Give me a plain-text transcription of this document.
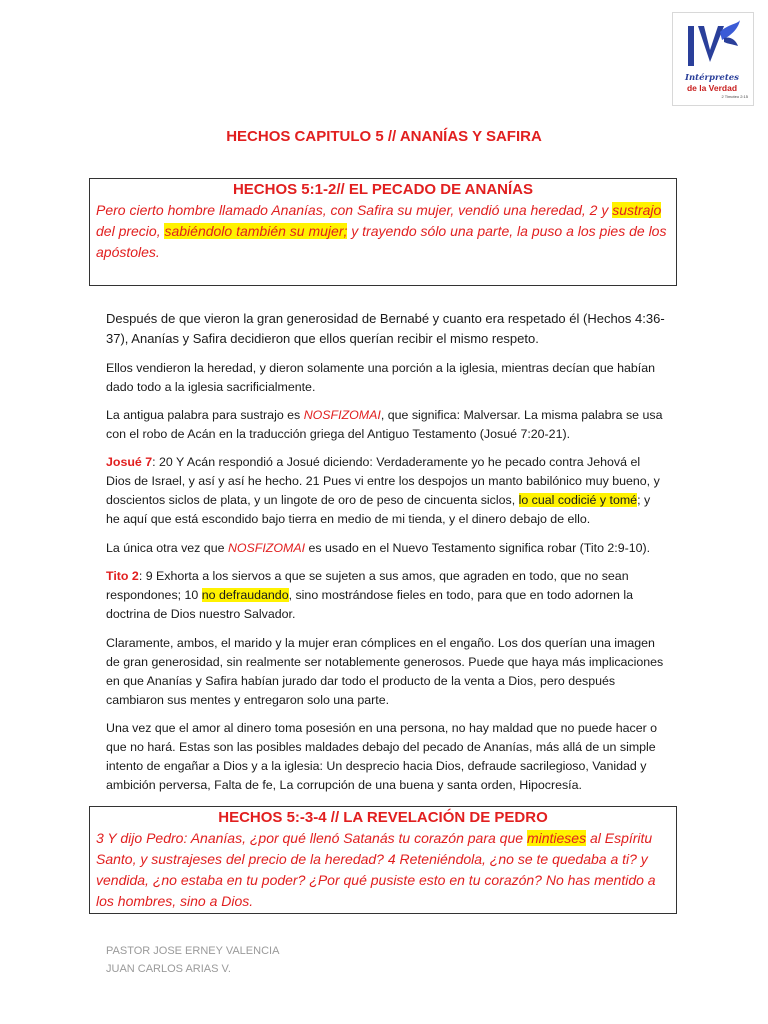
Intérpretes
de la Verdad
2 Timoteo 2:15
HECHOS CAPITULO 5 // ANANÍAS Y SAFIRA
HECHOS 5:1-2// EL PECADO DE ANANÍAS
Pero cierto hombre llamado Ananías, con Safira su mujer, vendió una heredad, 2 y sustrajo del precio, sabiéndolo también su mujer; y trayendo sólo una parte, la puso a los pies de los apóstoles.

Después de que vieron la gran generosidad de Bernabé y cuanto era respetado él (Hechos 4:36-37), Ananías y Safira decidieron que ellos querían recibir el mismo respeto.

Ellos vendieron la heredad, y dieron solamente una porción a la iglesia, mientras decían que habían dado todo a la iglesia sacrificialmente.

La antigua palabra para sustrajo es NOSFIZOMAI, que significa: Malversar. La misma palabra se usa con el robo de Acán en la traducción griega del Antiguo Testamento (Josué 7:20-21).

Josué 7: 20 Y Acán respondió a Josué diciendo: Verdaderamente yo he pecado contra Jehová el Dios de Israel, y así y así he hecho. 21 Pues vi entre los despojos un manto babilónico muy bueno, y doscientos siclos de plata, y un lingote de oro de peso de cincuenta siclos, lo cual codicié y tomé; y he aquí que está escondido bajo tierra en medio de mi tienda, y el dinero debajo de ello.

La única otra vez que NOSFIZOMAI es usado en el Nuevo Testamento significa robar (Tito 2:9-10).

Tito 2: 9 Exhorta a los siervos a que se sujeten a sus amos, que agraden en todo, que no sean respondones; 10 no defraudando, sino mostrándose fieles en todo, para que en todo adornen la doctrina de Dios nuestro Salvador.

Claramente, ambos, el marido y la mujer eran cómplices en el engaño. Los dos querían una imagen de gran generosidad, sin realmente ser notablemente generosos. Puede que haya más implicaciones en que Ananías y Safira habían jurado dar todo el producto de la venta a Dios, pero después cambiaron sus mentes y entregaron solo una parte.

Una vez que el amor al dinero toma posesión en una persona, no hay maldad que no puede hacer o que no hará. Estas son las posibles maldades debajo del pecado de Ananías, más allá de un simple intento de engañar a Dios y a la iglesia: Un desprecio hacia Dios, defraude sacrilegioso, Vanidad y ambición perversa, Falta de fe, La corrupción de una buena y santa orden, Hipocresía.

HECHOS 5:-3-4 // LA REVELACIÓN DE PEDRO
3 Y dijo Pedro: Ananías, ¿por qué llenó Satanás tu corazón para que mintieses al Espíritu Santo, y sustrajeses del precio de la heredad? 4 Reteniéndola, ¿no se te quedaba a ti? y vendida, ¿no estaba en tu poder? ¿Por qué pusiste esto en tu corazón? No has mentido a los hombres, sino a Dios.
PASTOR JOSE ERNEY VALENCIA
JUAN CARLOS ARIAS V.
